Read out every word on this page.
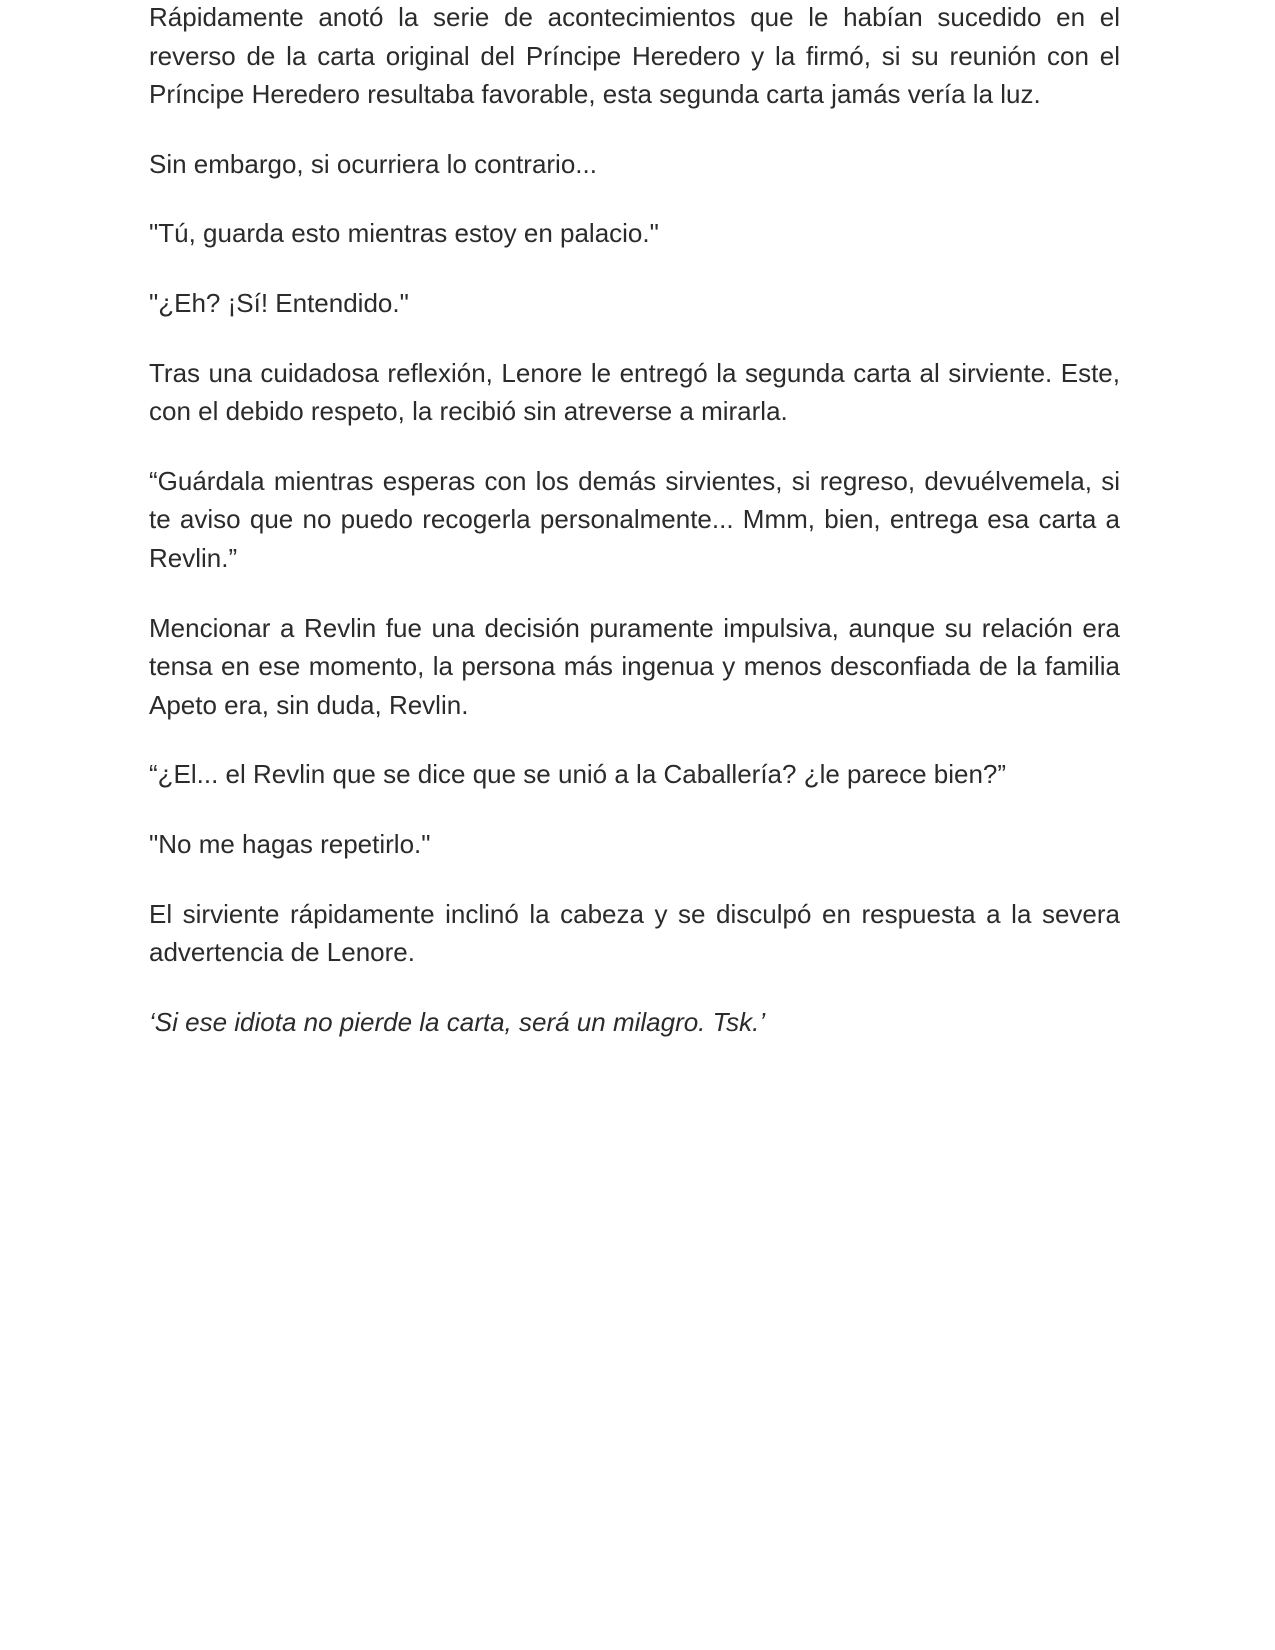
Rápidamente anotó la serie de acontecimientos que le habían sucedido en el reverso de la carta original del Príncipe Heredero y la firmó, si su reunión con el Príncipe Heredero resultaba favorable, esta segunda carta jamás vería la luz.

Sin embargo, si ocurriera lo contrario...

"Tú, guarda esto mientras estoy en palacio."

"¿Eh? ¡Sí! Entendido."

Tras una cuidadosa reflexión, Lenore le entregó la segunda carta al sirviente. Este, con el debido respeto, la recibió sin atreverse a mirarla.

“Guárdala mientras esperas con los demás sirvientes, si regreso, devuélvemela, si te aviso que no puedo recogerla personalmente... Mmm, bien, entrega esa carta a Revlin.”

Mencionar a Revlin fue una decisión puramente impulsiva, aunque su relación era tensa en ese momento, la persona más ingenua y menos desconfiada de la familia Apeto era, sin duda, Revlin.

“¿El... el Revlin que se dice que se unió a la Caballería? ¿le parece bien?”

"No me hagas repetirlo."

El sirviente rápidamente inclinó la cabeza y se disculpó en respuesta a la severa advertencia de Lenore.

‘Si ese idiota no pierde la carta, será un milagro. Tsk.’
